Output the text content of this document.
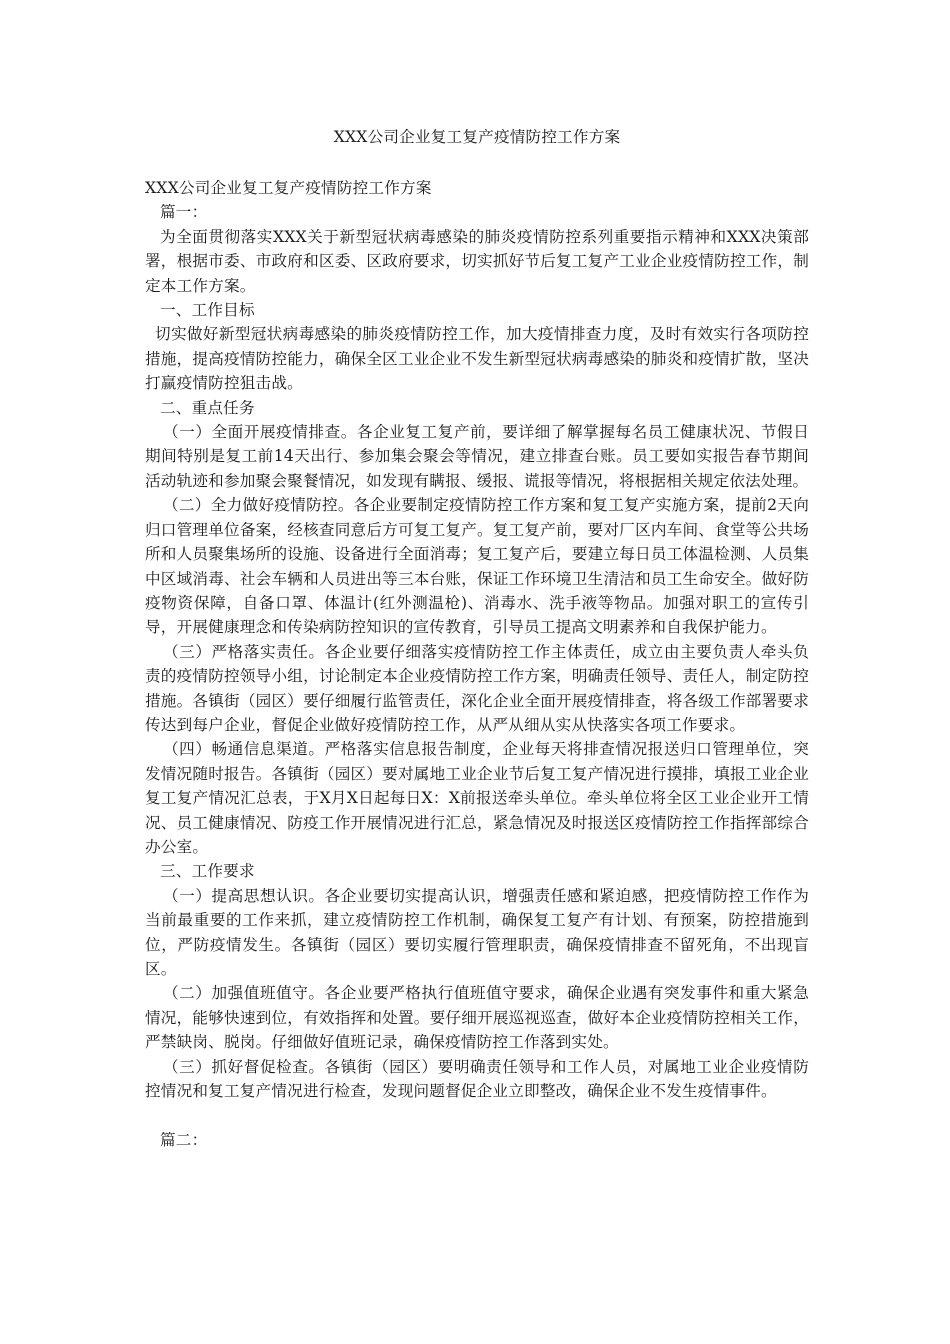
XXX公司企业复工复产疫情防控工作方案

XXX公司企业复工复产疫情防控工作方案

篇一：

为全面贯彻落实XXX关于新型冠状病毒感染的肺炎疫情防控系列重要指示精神和XXX决策部署，根据市委、市政府和区委、区政府要求，切实抓好节后复工复产工业企业疫情防控工作，制定本工作方案。

一、工作目标

切实做好新型冠状病毒感染的肺炎疫情防控工作，加大疫情排查力度，及时有效实行各项防控措施，提高疫情防控能力，确保全区工业企业不发生新型冠状病毒感染的肺炎和疫情扩散，坚决打赢疫情防控狙击战。

二、重点任务

（一）全面开展疫情排查。各企业复工复产前，要详细了解掌握每名员工健康状况、节假日期间特别是复工前14天出行、参加集会聚会等情况，建立排查台账。员工要如实报告春节期间活动轨迹和参加聚会聚餐情况，如发现有瞒报、缓报、谎报等情况，将根据相关规定依法处理。

（二）全力做好疫情防控。各企业要制定疫情防控工作方案和复工复产实施方案，提前2天向归口管理单位备案，经核查同意后方可复工复产。复工复产前，要对厂区内车间、食堂等公共场所和人员聚集场所的设施、设备进行全面消毒；复工复产后，要建立每日员工体温检测、人员集中区域消毒、社会车辆和人员进出等三本台账，保证工作环境卫生清洁和员工生命安全。做好防疫物资保障，自备口罩、体温计(红外测温枪)、消毒水、洗手液等物品。加强对职工的宣传引导，开展健康理念和传染病防控知识的宣传教育，引导员工提高文明素养和自我保护能力。

（三）严格落实责任。各企业要仔细落实疫情防控工作主体责任，成立由主要负责人牵头负责的疫情防控领导小组，讨论制定本企业疫情防控工作方案，明确责任领导、责任人，制定防控措施。各镇街（园区）要仔细履行监管责任，深化企业全面开展疫情排查，将各级工作部署要求传达到每户企业，督促企业做好疫情防控工作，从严从细从实从快落实各项工作要求。

（四）畅通信息渠道。严格落实信息报告制度，企业每天将排查情况报送归口管理单位，突发情况随时报告。各镇街（园区）要对属地工业企业节后复工复产情况进行摸排，填报工业企业复工复产情况汇总表，于X月X日起每日X：X前报送牵头单位。牵头单位将全区工业企业开工情况、员工健康情况、防疫工作开展情况进行汇总，紧急情况及时报送区疫情防控工作指挥部综合办公室。

三、工作要求

（一）提高思想认识。各企业要切实提高认识，增强责任感和紧迫感，把疫情防控工作作为当前最重要的工作来抓，建立疫情防控工作机制，确保复工复产有计划、有预案，防控措施到位，严防疫情发生。各镇街（园区）要切实履行管理职责，确保疫情排查不留死角，不出现盲区。

（二）加强值班值守。各企业要严格执行值班值守要求，确保企业遇有突发事件和重大紧急情况，能够快速到位，有效指挥和处置。要仔细开展巡视巡查，做好本企业疫情防控相关工作，严禁缺岗、脱岗。仔细做好值班记录，确保疫情防控工作落到实处。

（三）抓好督促检查。各镇街（园区）要明确责任领导和工作人员，对属地工业企业疫情防控情况和复工复产情况进行检查，发现问题督促企业立即整改，确保企业不发生疫情事件。

篇二：
